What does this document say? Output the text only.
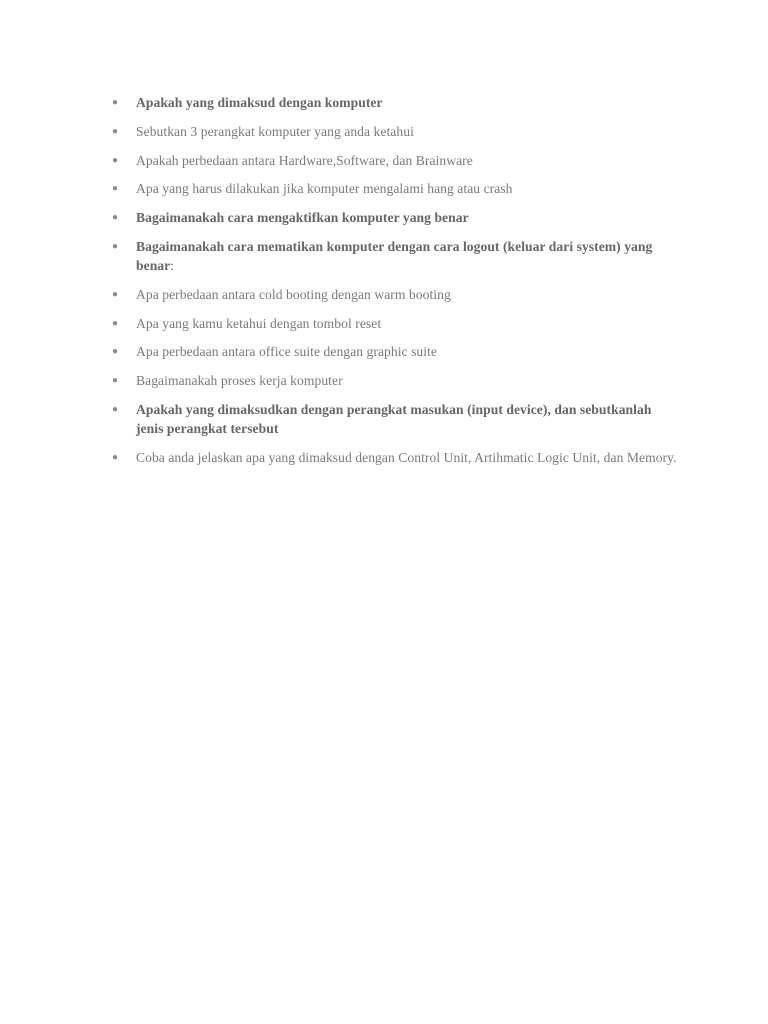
●	Apakah yang dimaksud dengan komputer
●	Sebutkan 3 perangkat komputer yang anda ketahui
●	Apakah perbedaan antara Hardware,Software, dan Brainware
●	Apa yang harus dilakukan jika komputer mengalami hang atau crash
●	Bagaimanakah cara mengaktifkan komputer yang benar
●	Bagaimanakah cara mematikan komputer dengan cara logout (keluar dari system) yang benar:
●	Apa perbedaan antara cold booting dengan warm booting
●	Apa yang kamu ketahui dengan tombol reset
●	Apa perbedaan antara office suite dengan graphic suite
●	Bagaimanakah proses kerja komputer
●	Apakah yang dimaksudkan dengan perangkat masukan (input device), dan sebutkanlah jenis perangkat tersebut
●	Coba anda jelaskan apa yang dimaksud dengan Control Unit, Artihmatic Logic Unit, dan Memory.
